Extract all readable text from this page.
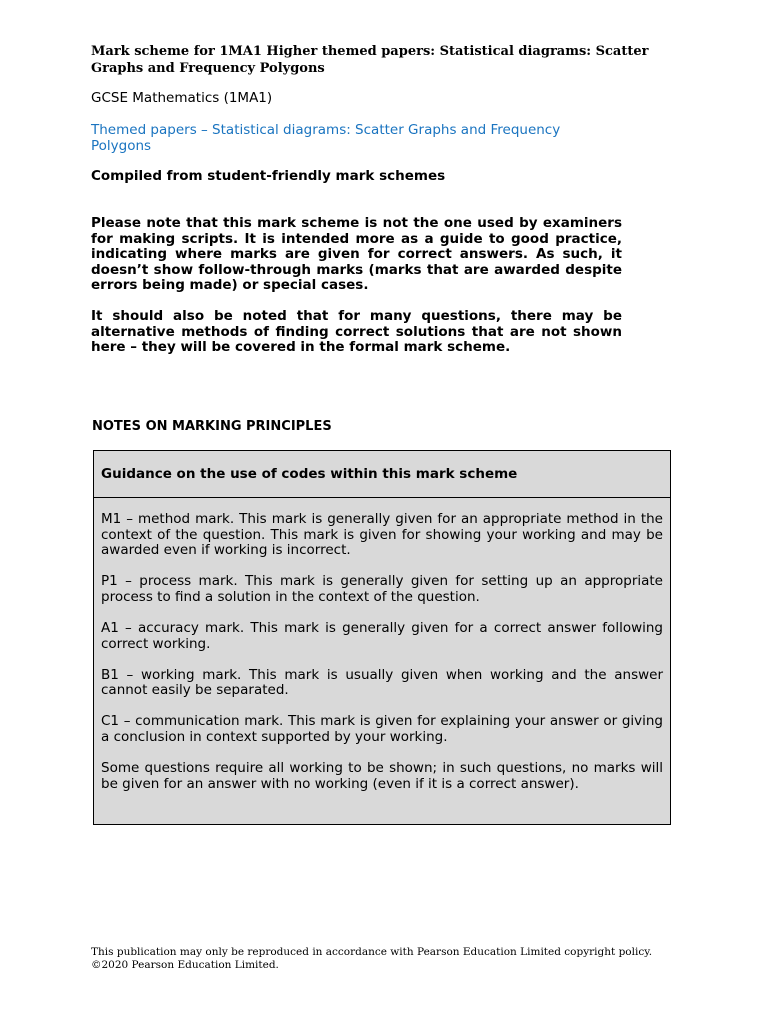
Mark scheme for 1MA1 Higher themed papers: Statistical diagrams: Scatter Graphs and Frequency Polygons
GCSE Mathematics (1MA1)
Themed papers – Statistical diagrams: Scatter Graphs and Frequency Polygons
Compiled from student-friendly mark schemes

Please note that this mark scheme is not the one used by examiners for making scripts. It is intended more as a guide to good practice, indicating where marks are given for correct answers. As such, it doesn’t show follow-through marks (marks that are awarded despite errors being made) or special cases.

It should also be noted that for many questions, there may be alternative methods of finding correct solutions that are not shown here – they will be covered in the formal mark scheme.

NOTES ON MARKING PRINCIPLES
Guidance on the use of codes within this mark scheme

M1 – method mark. This mark is generally given for an appropriate method in the context of the question. This mark is given for showing your working and may be awarded even if working is incorrect.

P1 – process mark. This mark is generally given for setting up an appropriate process to find a solution in the context of the question.

A1 – accuracy mark. This mark is generally given for a correct answer following correct working.

B1 – working mark. This mark is usually given when working and the answer cannot easily be separated.

C1 – communication mark. This mark is given for explaining your answer or giving a conclusion in context supported by your working.

Some questions require all working to be shown; in such questions, no marks will be given for an answer with no working (even if it is a correct answer).

This publication may only be reproduced in accordance with Pearson Education Limited copyright policy.
©2020 Pearson Education Limited.
